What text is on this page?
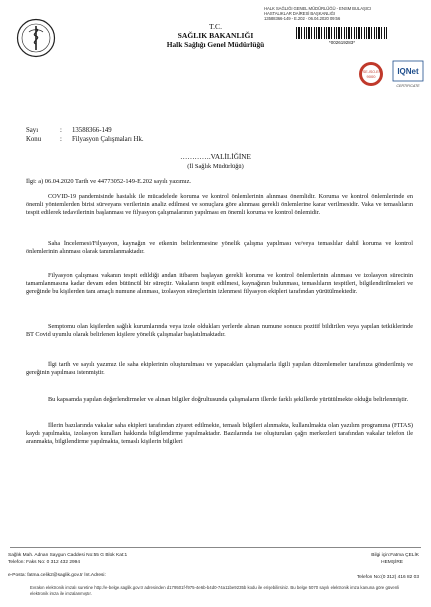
HALK SAĞLIĞI GENEL MÜDÜRLÜĞÜ - ENSM BULAŞICI
HASTALIKLAR DAİRESİ BAŞKANLIĞI
13588366-149 - E.202 · 06.04.2020 09:56
*002619283*
T.C.
SAĞLIK BAKANLIĞI
Halk Sağlığı Genel Müdürlüğü
TSE-ISO-EN
9000
IQNet
CERTIFICATE
Sayı	: 13588366-149
Konu	: Filyasyon Çalışmaları Hk.
………….VALİLİĞİNE
(İl Sağlık Müdürlüğü)
İlgi: a) 06.04.2020 Tarih ve 44773052-149-E.202 sayılı yazımız.

COVID-19 pandemisinde hastalık ile mücadelede koruma ve kontrol önlemlerinin alınması önemlidir. Koruma ve kontrol önlemlerinde en önemli yöntemlerden birisi sürveyans verilerinin analiz edilmesi ve sonuçlara göre alınması gerekli önlemlerine karar verilmesidir. Vaka ve temaslıların tespit edilerek tedavilerinin başlanması ve filyasyon çalışmalarının yapılması en önemli koruma ve kontrol önlemidir.

Saha İncelemesi/Filyasyon, kaynağın ve etkenin belirlenmesine yönelik çalışma yapılması ve/veya temaslılar dahil koruma ve kontrol önlemlerinin alınması olarak tanımlanmaktadır.

Filyasyon çalışması vakanın tespit edildiği andan itibaren başlayan gerekli koruma ve kontrol önlemlerinin alınması ve izolasyon sürecinin tamamlanmasına kadar devam eden bütüncül bir süreçtir. Vakaların tespit edilmesi, kaynağının bulunması, temaslıların tespitleri, bilgilendirilmeleri ve gereğinde bu kişilerden tanı amaçlı numune alınması, izolasyon süreçlerinin izlenmesi filyasyon ekipleri tarafından yürütülmektedir.

Semptomu olan kişilerden sağlık kurumlarında veya izole oldukları yerlerde alınan numune sonucu pozitif bildirilen veya yapılan tetkiklerinde BT Covid uyumlu olarak belirlenen kişilere yönelik çalışmalar başlatılmaktadır.

İlgi tarih ve sayılı yazımız ile saha ekiplerinin oluşturulması ve yapacakları çalışmalarla ilgili yapılan düzenlemeler tarafınıza gönderilmiş ve gereğinin yapılması istenmiştir.

Bu kapsamda yapılan değerlendirmeler ve alınan bilgiler doğrultusunda çalışmaların illerde farklı şekillerde yürütülmekte olduğu belirlenmiştir.

İllerin bazılarında vakalar saha ekipleri tarafından ziyaret edilmekte, temaslı bilgileri alınmakta, kullanılmakta olan yazılım programına (FITAS) kaydı yapılmakta, izolasyon kuralları hakkında bilgilendirme yapılmaktadır. Bazılarında ise oluşturulan çağrı merkezleri tarafından vakalar telefon ile aranmakta, bilgilendirme yapılmakta, temaslı kişilerin bilgileri

Sağlık Mah. Adnan Saygun Caddesi No:55 G Blok Kat:1
Telefon: Faks No: 0 312 432 2994
e-Posta: fatma.celik2@saglik.gov.tr İnt.Adresi:
Bilgi için:Fatma ÇELİK
HEMŞİRE
Telefon No:(0 312) 416 82 03
Evrakın elektronik imzalı suretine http://e-belge.saglik.gov.tr adresinden d179501f-f975-4e6b-b4d0-74a11be9235b kodu ile erişebilirsiniz. Bu belge 5070 sayılı elektronik imza kanuna göre güvenli elektronik imza ile imzalanmıştır.
